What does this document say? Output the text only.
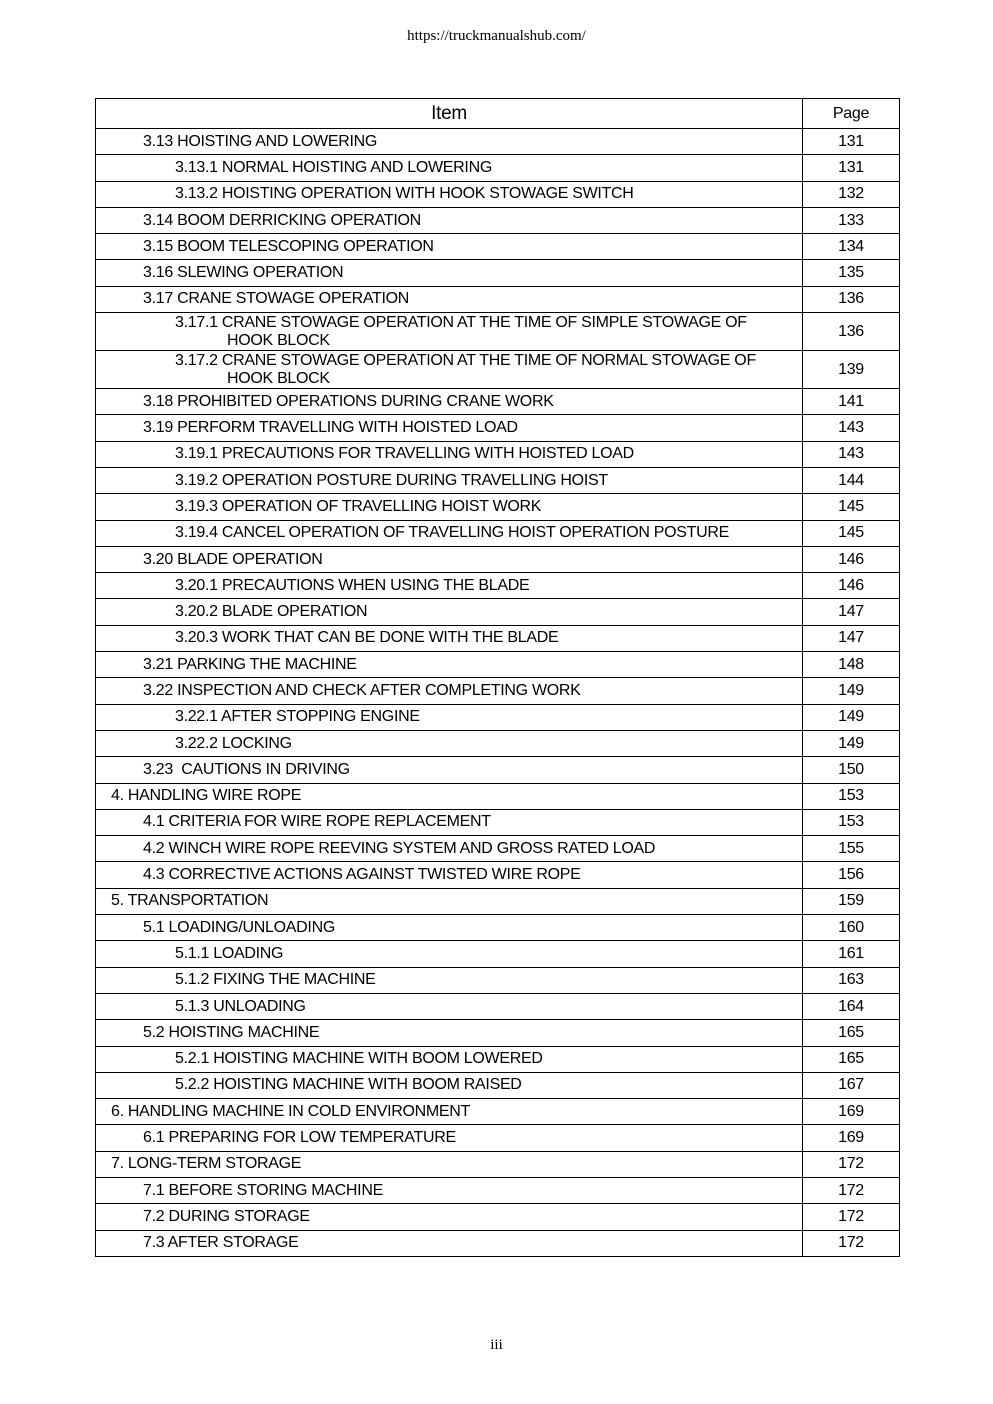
https://truckmanualshub.com/
Item	Page
3.13 HOISTING AND LOWERING	131
3.13.1 NORMAL HOISTING AND LOWERING	131
3.13.2 HOISTING OPERATION WITH HOOK STOWAGE SWITCH	132
3.14 BOOM DERRICKING OPERATION	133
3.15 BOOM TELESCOPING OPERATION	134
3.16 SLEWING OPERATION	135
3.17 CRANE STOWAGE OPERATION	136
3.17.1 CRANE STOWAGE OPERATION AT THE TIME OF SIMPLE STOWAGE OF
HOOK BLOCK	136
3.17.2 CRANE STOWAGE OPERATION AT THE TIME OF NORMAL STOWAGE OF
HOOK BLOCK	139
3.18 PROHIBITED OPERATIONS DURING CRANE WORK	141
3.19 PERFORM TRAVELLING WITH HOISTED LOAD	143
3.19.1 PRECAUTIONS FOR TRAVELLING WITH HOISTED LOAD	143
3.19.2 OPERATION POSTURE DURING TRAVELLING HOIST	144
3.19.3 OPERATION OF TRAVELLING HOIST WORK	145
3.19.4 CANCEL OPERATION OF TRAVELLING HOIST OPERATION POSTURE	145
3.20 BLADE OPERATION	146
3.20.1 PRECAUTIONS WHEN USING THE BLADE	146
3.20.2 BLADE OPERATION	147
3.20.3 WORK THAT CAN BE DONE WITH THE BLADE	147
3.21 PARKING THE MACHINE	148
3.22 INSPECTION AND CHECK AFTER COMPLETING WORK	149
3.22.1 AFTER STOPPING ENGINE	149
3.22.2 LOCKING	149
3.23  CAUTIONS IN DRIVING	150
4. HANDLING WIRE ROPE	153
4.1 CRITERIA FOR WIRE ROPE REPLACEMENT	153
4.2 WINCH WIRE ROPE REEVING SYSTEM AND GROSS RATED LOAD	155
4.3 CORRECTIVE ACTIONS AGAINST TWISTED WIRE ROPE	156
5. TRANSPORTATION	159
5.1 LOADING/UNLOADING	160
5.1.1 LOADING	161
5.1.2 FIXING THE MACHINE	163
5.1.3 UNLOADING	164
5.2 HOISTING MACHINE	165
5.2.1 HOISTING MACHINE WITH BOOM LOWERED	165
5.2.2 HOISTING MACHINE WITH BOOM RAISED	167
6. HANDLING MACHINE IN COLD ENVIRONMENT	169
6.1 PREPARING FOR LOW TEMPERATURE	169
7. LONG-TERM STORAGE	172
7.1 BEFORE STORING MACHINE	172
7.2 DURING STORAGE	172
7.3 AFTER STORAGE	172
iii
